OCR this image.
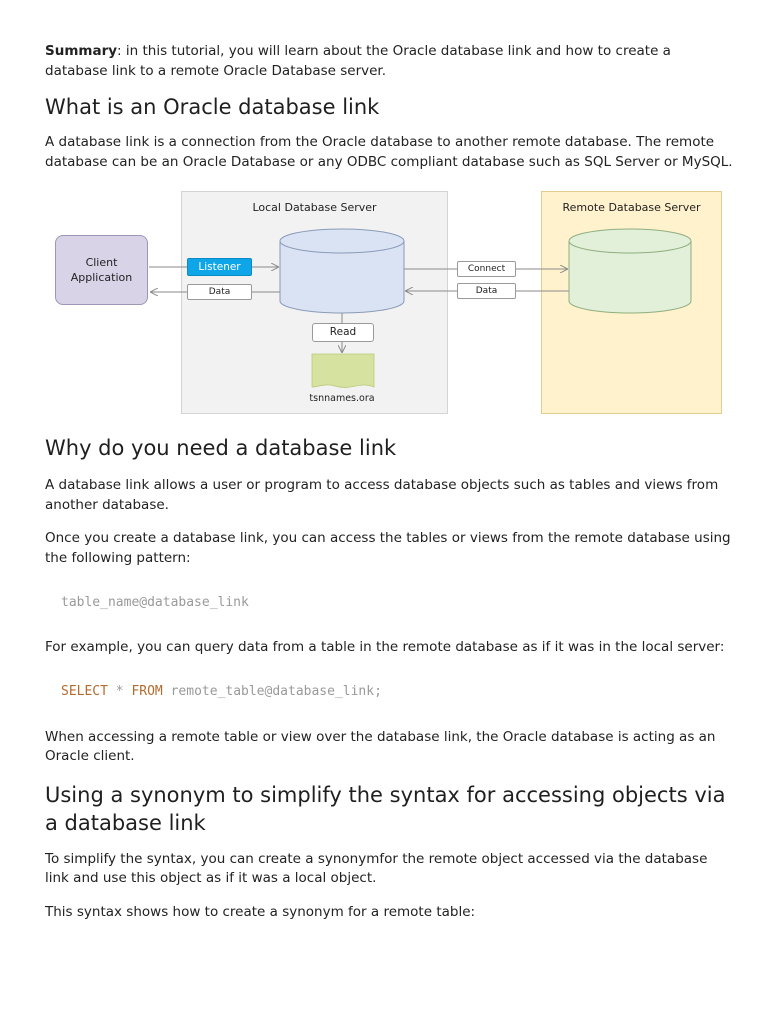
Summary: in this tutorial, you will learn about the Oracle database link and how to create a database link to a remote Oracle Database server.

What is an Oracle database link

A database link is a connection from the Oracle database to another remote database. The remote database can be an Oracle Database or any ODBC compliant database such as SQL Server or MySQL.

Local Database Server	Remote Database Server
Client
Application
Listener
Data
Connect
Data
Read
tsnnames.ora
Why do you need a database link

A database link allows a user or program to access database objects such as tables and views from another database.

Once you create a database link, you can access the tables or views from the remote database using the following pattern:

table_name@database_link

For example, you can query data from a table in the remote database as if it was in the local server:

SELECT * FROM remote_table@database_link;

When accessing a remote table or view over the database link, the Oracle database is acting as an Oracle client.

Using a synonym to simplify the syntax for accessing objects via a database link

To simplify the syntax, you can create a synonymfor the remote object accessed via the database link and use this object as if it was a local object.

This syntax shows how to create a synonym for a remote table:
